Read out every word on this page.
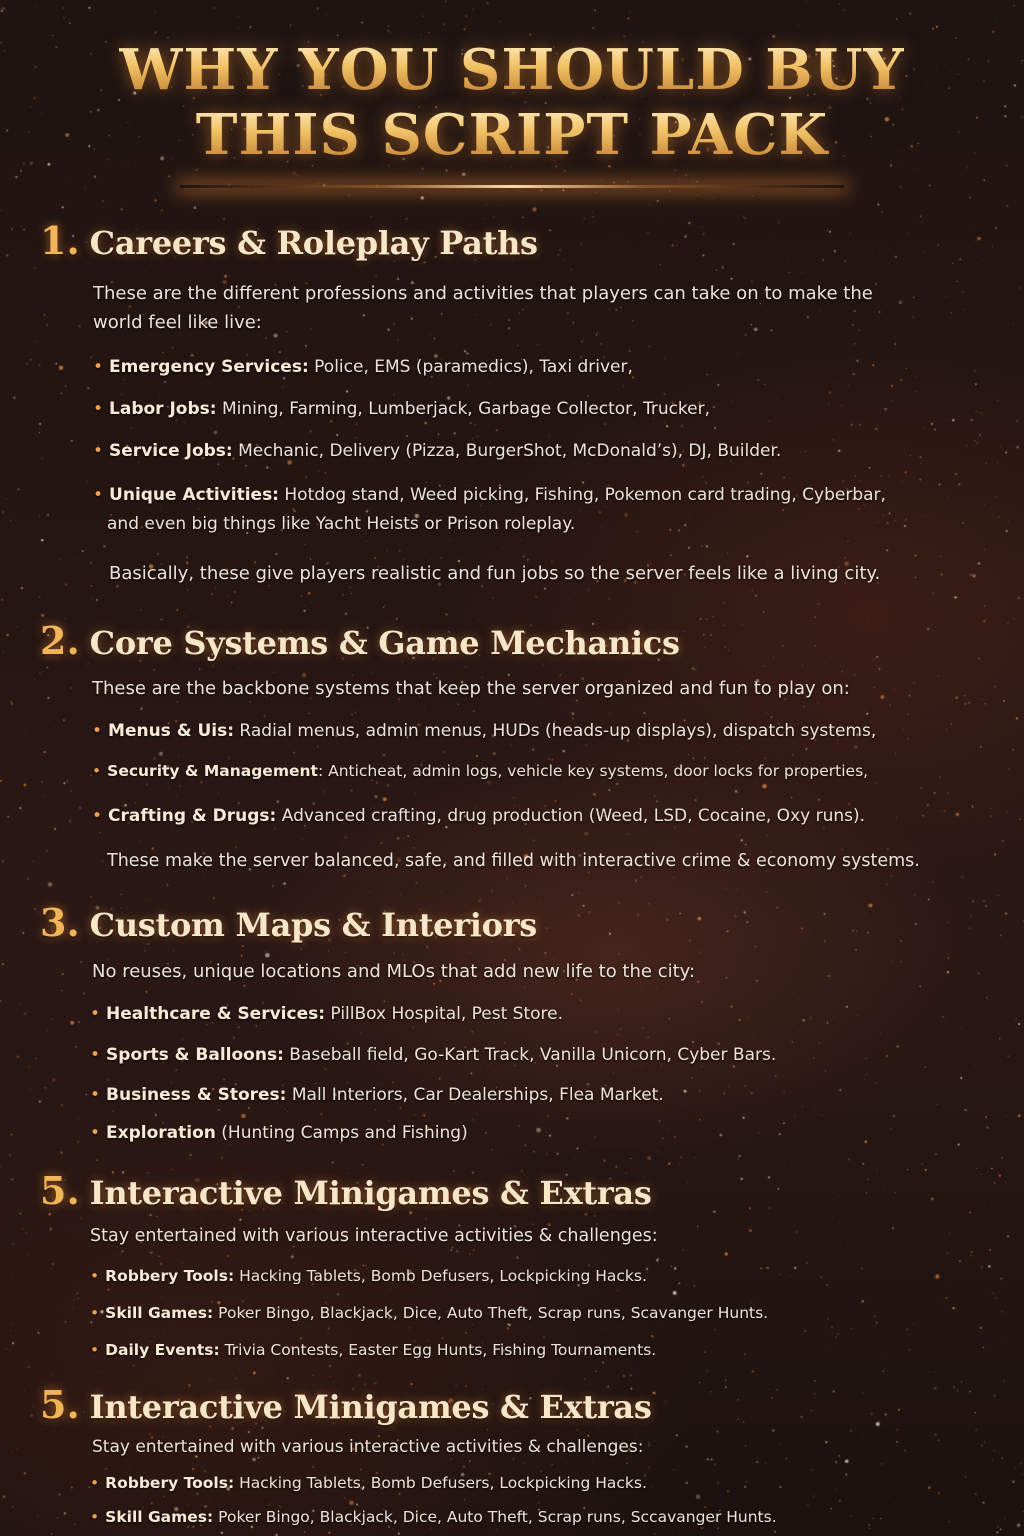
WHY YOU SHOULD BUY
THIS SCRIPT PACK
1. Careers & Roleplay Paths
These are the different professions and activities that players can take on to make the
world feel like live:
• Emergency Services: Police, EMS (paramedics), Taxi driver,
• Labor Jobs: Mining, Farming, Lumberjack, Garbage Collector, Trucker,
• Service Jobs: Mechanic, Delivery (Pizza, BurgerShot, McDonald’s), DJ, Builder.
• Unique Activities: Hotdog stand, Weed picking, Fishing, Pokemon card trading, Cyberbar,
and even big things like Yacht Heists or Prison roleplay.
Basically, these give players realistic and fun jobs so the server feels like a living city.
2. Core Systems & Game Mechanics
These are the backbone systems that keep the server organized and fun to play on:
• Menus & Uis: Radial menus, admin menus, HUDs (heads-up displays), dispatch systems,
• Security & Management: Anticheat, admin logs, vehicle key systems, door locks for properties,
• Crafting & Drugs: Advanced crafting, drug production (Weed, LSD, Cocaine, Oxy runs).
These make the server balanced, safe, and filled with interactive crime & economy systems.
3. Custom Maps & Interiors
No reuses, unique locations and MLOs that add new life to the city:
• Healthcare & Services: PillBox Hospital, Pest Store.
• Sports & Balloons: Baseball field, Go-Kart Track, Vanilla Unicorn, Cyber Bars.
• Business & Stores: Mall Interiors, Car Dealerships, Flea Market.
• Exploration (Hunting Camps and Fishing)
5. Interactive Minigames & Extras
Stay entertained with various interactive activities & challenges:
• Robbery Tools: Hacking Tablets, Bomb Defusers, Lockpicking Hacks.
• Skill Games: Poker Bingo, Blackjack, Dice, Auto Theft, Scrap runs, Scavanger Hunts.
• Daily Events: Trivia Contests, Easter Egg Hunts, Fishing Tournaments.
5. Interactive Minigames & Extras
Stay entertained with various interactive activities & challenges:
• Robbery Tools: Hacking Tablets, Bomb Defusers, Lockpicking Hacks.
• Skill Games: Poker Bingo, Blackjack, Dice, Auto Theft, Scrap runs, Sccavanger Hunts.
